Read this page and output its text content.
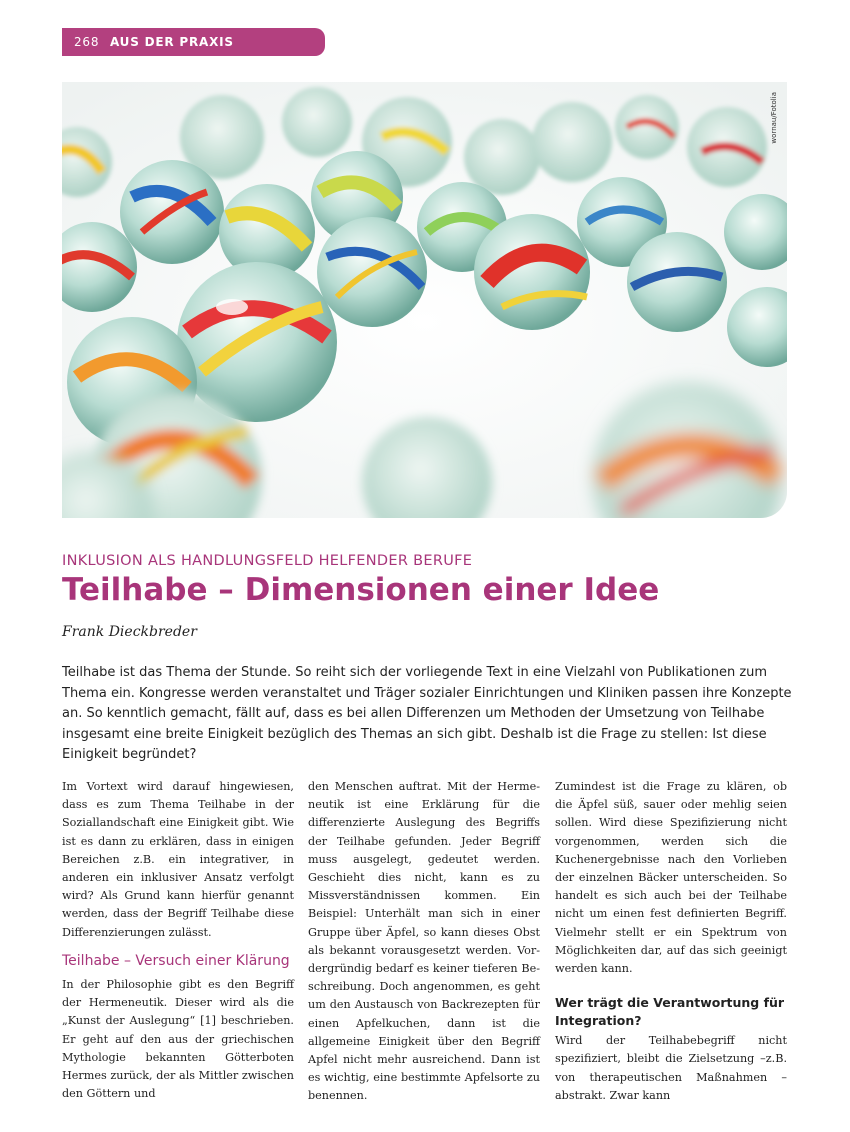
268 AUS DER PRAXIS
wornau/Fotolia
INKLUSION ALS HANDLUNGSFELD HELFENDER BERUFE
Teilhabe – Dimensionen einer Idee
Frank Dieckbreder

Teilhabe ist das Thema der Stunde. So reiht sich der vorliegende Text in eine Vielzahl von Publikationen zum Thema ein. Kongresse werden veranstaltet und Träger sozialer Einrichtungen und Kliniken passen ihre Konzepte an. So kenntlich gemacht, fällt auf, dass es bei allen Differenzen um Methoden der Umsetzung von Teilhabe insgesamt eine breite Einigkeit bezüglich des Themas an sich gibt. Deshalb ist die Frage zu stellen: Ist diese Einigkeit begründet?

Im Vortext wird darauf hingewiesen, dass es zum Thema Teilhabe in der Soziallandschaft eine Einigkeit gibt. Wie ist es dann zu erklären, dass in einigen Bereichen z.B. ein integrativer, in anderen ein inklusiver Ansatz verfolgt wird? Als Grund kann hierfür genannt werden, dass der Begriff Teilhabe diese Differenzierungen zulässt.

Teilhabe – Versuch einer Klärung

In der Philosophie gibt es den Begriff der Hermeneutik. Dieser wird als die „Kunst der Auslegung“ [1] beschrieben. Er geht auf den aus der griechischen Mythologie bekannten Götterboten Hermes zurück, der als Mittler zwischen den Göttern und

den Menschen auftrat. Mit der Hermeneutik ist eine Erklärung für die differenzierte Auslegung des Begriffs der Teilhabe gefunden. Jeder Begriff muss ausgelegt, gedeutet werden. Geschieht dies nicht, kann es zu Missverständnissen kommen. Ein Beispiel: Unterhält man sich in einer Gruppe über Äpfel, so kann dieses Obst als bekannt vorausgesetzt werden. Vordergründig bedarf es keiner tieferen Beschreibung. Doch angenommen, es geht um den Austausch von Backrezepten für einen Apfelkuchen, dann ist die allgemeine Einigkeit über den Begriff Apfel nicht mehr ausreichend. Dann ist es wichtig, eine bestimmte Apfelsorte zu benennen.

Zumindest ist die Frage zu klären, ob die Äpfel süß, sauer oder mehlig seien sollen. Wird diese Spezifizierung nicht vorgenommen, werden sich die Kuchenergebnisse nach den Vorlieben der einzelnen Bäcker unterscheiden. So handelt es sich auch bei der Teilhabe nicht um einen fest definierten Begriff. Vielmehr stellt er ein Spektrum von Möglichkeiten dar, auf das sich geeinigt werden kann.

Wer trägt die Verantwortung für Integration?

Wird der Teilhabebegriff nicht spezifiziert, bleibt die Zielsetzung –z.B. von therapeutischen Maßnahmen – abstrakt. Zwar kann
